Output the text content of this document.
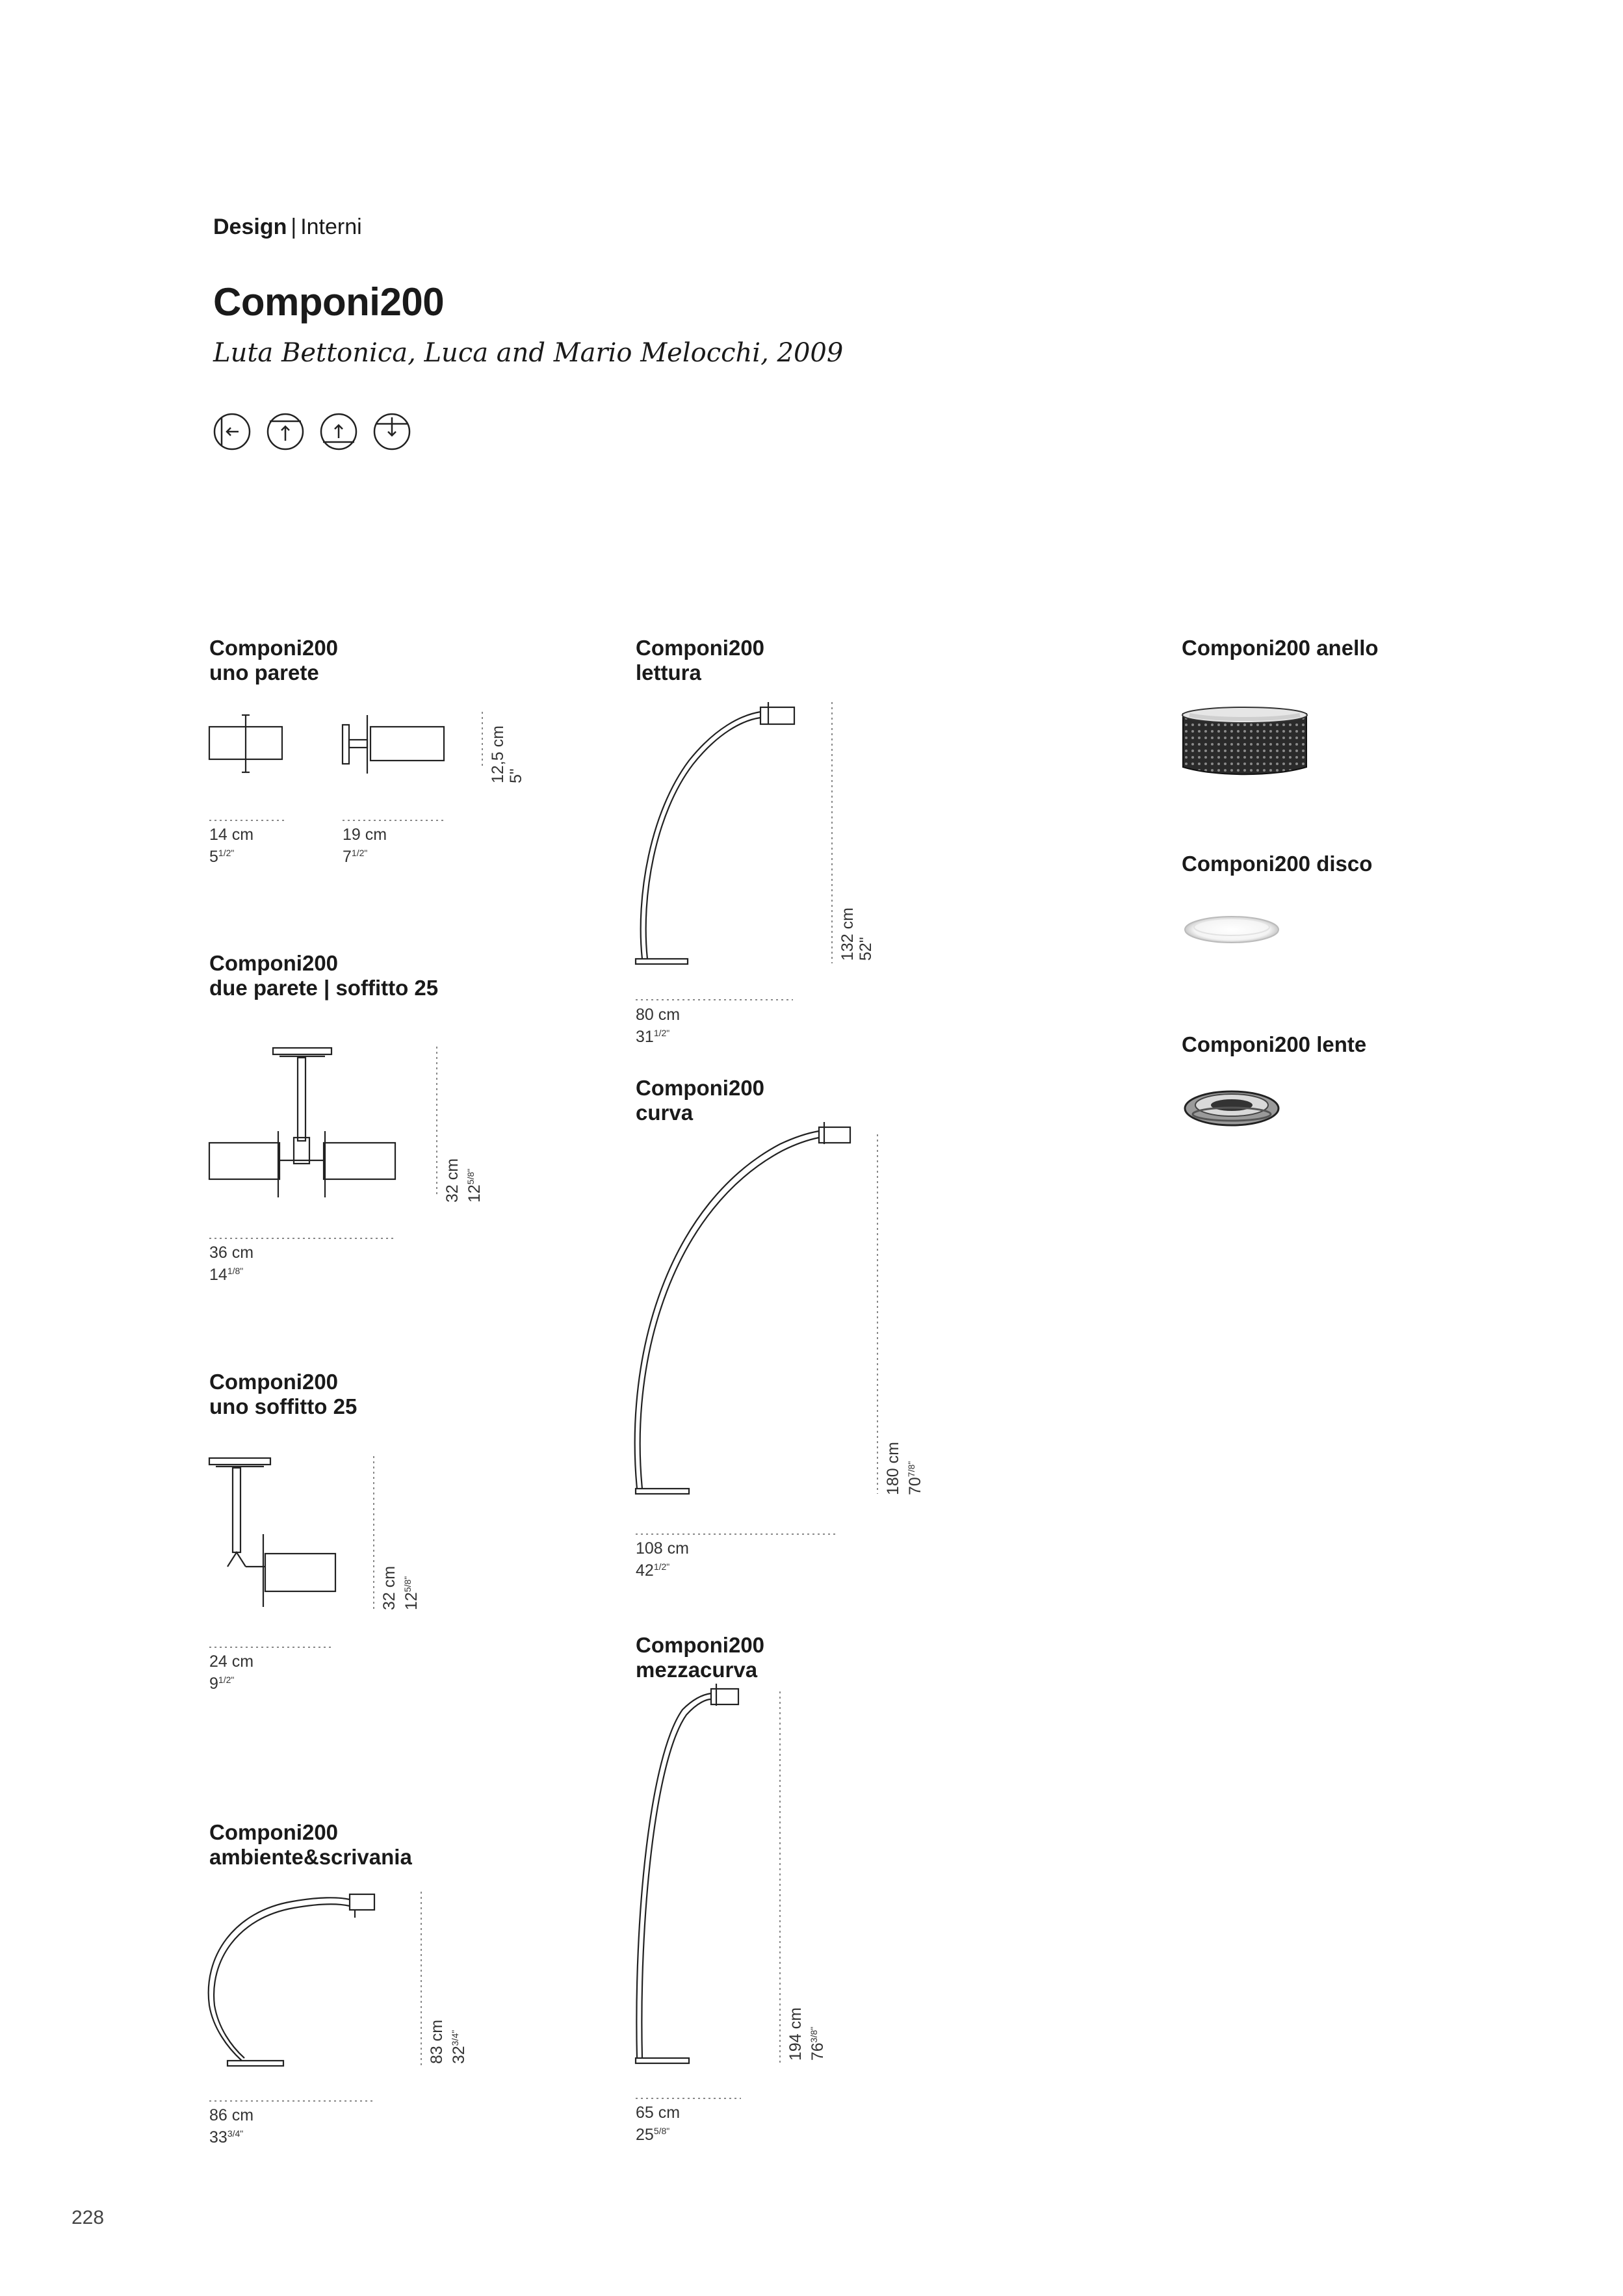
Design | Interni
Componi200
Luta Bettonica, Luca and Mario Melocchi, 2009
Componi200
uno parete
14 cm
$5^{1/2"}$
19 cm
$7^{1/2"}$
12,5 cm 5"
Componi200
due parete | soffitto 25
36 cm
$14^{1/8"}$
32 cm $12^{5/8"}$
Componi200
uno soffitto 25
24 cm
$9^{1/2"}$
32 cm $12^{5/8"}$
Componi200
ambiente&scrivania
86 cm
$33^{3/4"}$
83 cm $32^{3/4"}$
Componi200
lettura
80 cm
$31^{1/2"}$
132 cm 52"
Componi200
curva
108 cm
$42^{1/2"}$
180 cm $70^{7/8"}$
Componi200
mezzacurva
65 cm
$25^{5/8"}$
194 cm $76^{3/8"}$
Componi200 anello
Componi200 disco
Componi200 lente
228
